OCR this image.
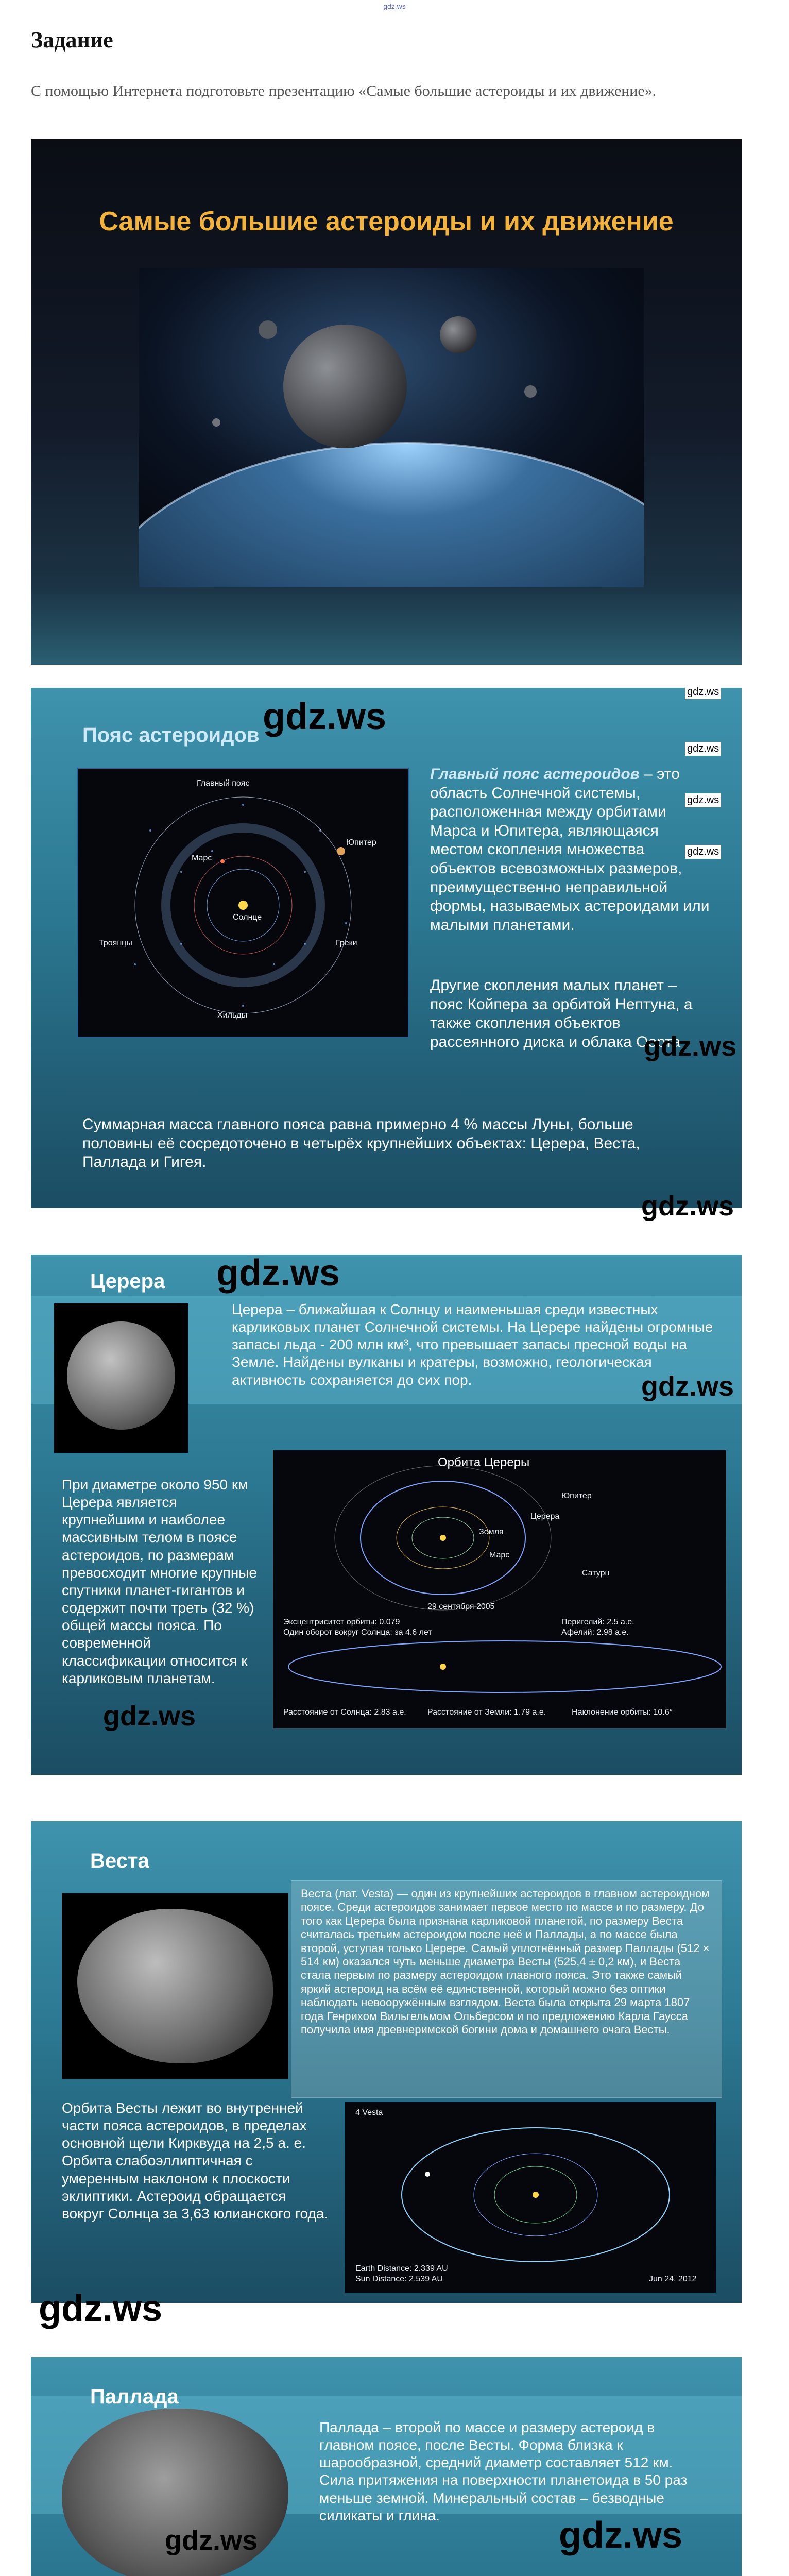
gdz.ws
Задание

С помощью Интернета подготовьте презентацию «Самые большие астероиды и их движение».

Самые большие астероиды и их движение
Пояс астероидов
Главный пояс
Юпитер
Марс
Троянцы	Греки
Хильды
Солнце

Главный пояс астероидов – это область Солнечной системы, расположенная между орбитами Марса и Юпитера, являющаяся местом скопления множества объектов всевозможных размеров, преимущественно неправильной формы, называемых астероидами или малыми планетами.

Другие скопления малых планет – пояс Койпера за орбитой Нептуна, а также скопления объектов рассеянного диска и облака Оорта

Суммарная масса главного пояса равна примерно 4 % массы Луны, больше половины её сосредоточено в четырёх крупнейших объектах: Церера, Веста, Паллада и Гигея.

Церера

Церера – ближайшая к Солнцу и наименьшая среди известных карликовых планет Солнечной системы. На Церере найдены огромные запасы льда - 200 млн км³, что превышает запасы пресной воды на Земле. Найдены вулканы и кратеры, возможно, геологическая активность сохраняется до сих пор.

При диаметре около 950 км Церера является крупнейшим и наиболее массивным телом в поясе астероидов, по размерам превосходит многие крупные спутники планет-гигантов и содержит почти треть (32 %) общей массы пояса. По современной классификации относится к карликовым планетам.

Орбита Цереры
Церера
Земля
Марс
Юпитер
Сатурн
29 сентября 2005
Эксцентриситет орбиты: 0.079
Один оборот вокруг Солнца: за 4.6 лет
Перигелий: 2.5 а.е.
Афелий: 2.98 а.е.
Расстояние от Солнца: 2.83 а.е.	Расстояние от Земли: 1.79 а.е.	Наклонение орбиты: 10.6°
Веста

Веста (лат. Vesta) — один из крупнейших астероидов в главном астероидном поясе. Среди астероидов занимает первое место по массе и по размеру. До того как Церера была признана карликовой планетой, по размеру Веста считалась третьим астероидом после неё и Паллады, а по массе была второй, уступая только Церере. Самый уплотнённый размер Паллады (512 × 514 км) оказался чуть меньше диаметра Весты (525,4 ± 0,2 км), и Веста стала первым по размеру астероидом главного пояса. Это также самый яркий астероид на всём её единственной, который можно без оптики наблюдать невооружённым взглядом. Веста была открыта 29 марта 1807 года Генрихом Вильгельмом Ольберсом и по предложению Карла Гаусса получила имя древнеримской богини дома и домашнего очага Весты.

Орбита Весты лежит во внутренней части пояса астероидов, в пределах основной щели Кирквуда на 2,5 а. е. Орбита слабоэллиптичная с умеренным наклоном к плоскости эклиптики. Астероид обращается вокруг Солнца за 3,63 юлианского года.

4 Vesta
Earth Distance: 2.339 AU
Sun Distance: 2.539 AU	Jun 24, 2012
Паллада

Паллада – второй по массе и размеру астероид в главном поясе, после Весты. Форма близка к шарообразной, средний диаметр составляет 512 км. Сила притяжения на поверхности планетоида в 50 раз меньше земной. Минеральный состав – безводные силикаты и глина.

gdz.ws
gdz.ws
gdz.ws
gdz.ws
gdz.ws
gdz.ws
gdz.ws
gdz.ws
gdz.ws
gdz.ws
gdz.ws
gdz.ws	gdz.ws
